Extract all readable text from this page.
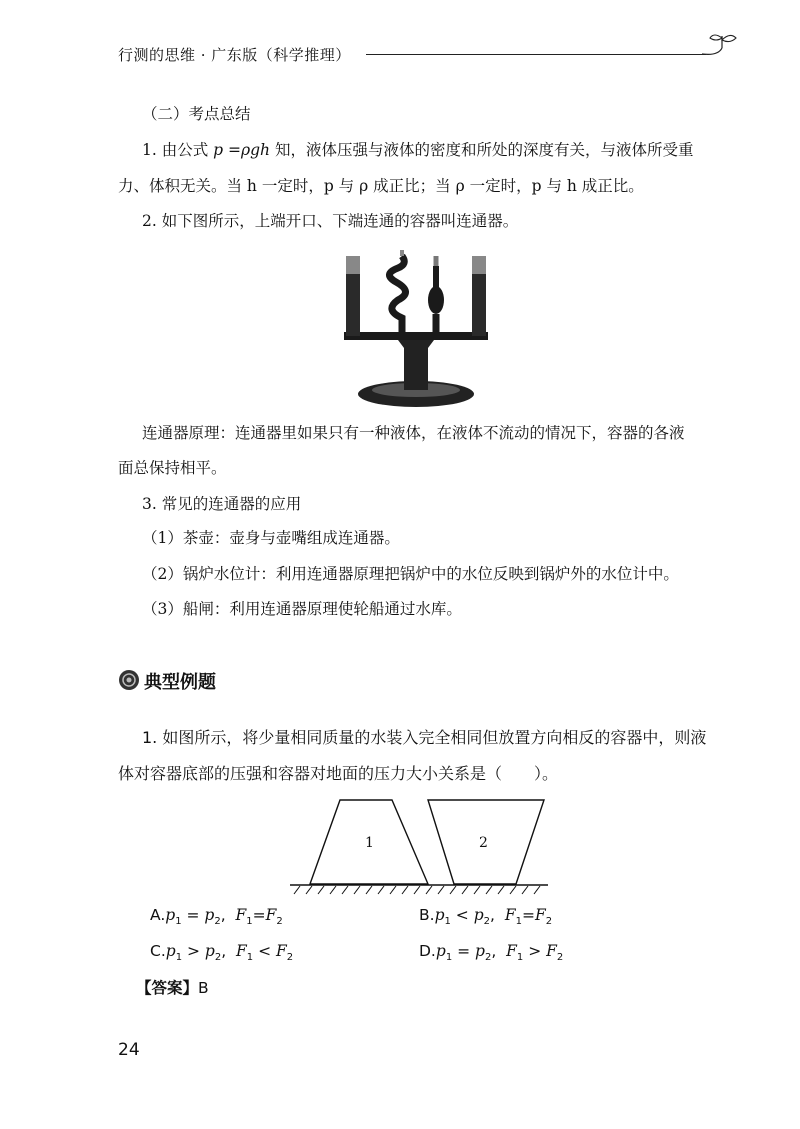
行测的思维 · 广东版（科学推理）
（二）考点总结
1. 由公式 p =ρgh 知，液体压强与液体的密度和所处的深度有关，与液体所受重
力、体积无关。当 h 一定时，p 与 ρ 成正比；当 ρ 一定时，p 与 h 成正比。
2. 如下图所示，上端开口、下端连通的容器叫连通器。
连通器原理：连通器里如果只有一种液体，在液体不流动的情况下，容器的各液
面总保持相平。
3. 常见的连通器的应用
（1）茶壶：壶身与壶嘴组成连通器。
（2）锅炉水位计：利用连通器原理把锅炉中的水位反映到锅炉外的水位计中。
（3）船闸：利用连通器原理使轮船通过水库。
典型例题
1. 如图所示，将少量相同质量的水装入完全相同但放置方向相反的容器中，则液
体对容器底部的压强和容器对地面的压力大小关系是（　　）。
1	2
$A.p_1 = p_2$,  $F_1=F_2$	$B.p_1 < p_2$,  $F_1=F_2$
$C.p_1 > p_2$,  $F_1 < F_2$	$D.p_1 = p_2$,  $F_1 > F_2$
【答案】B
24
